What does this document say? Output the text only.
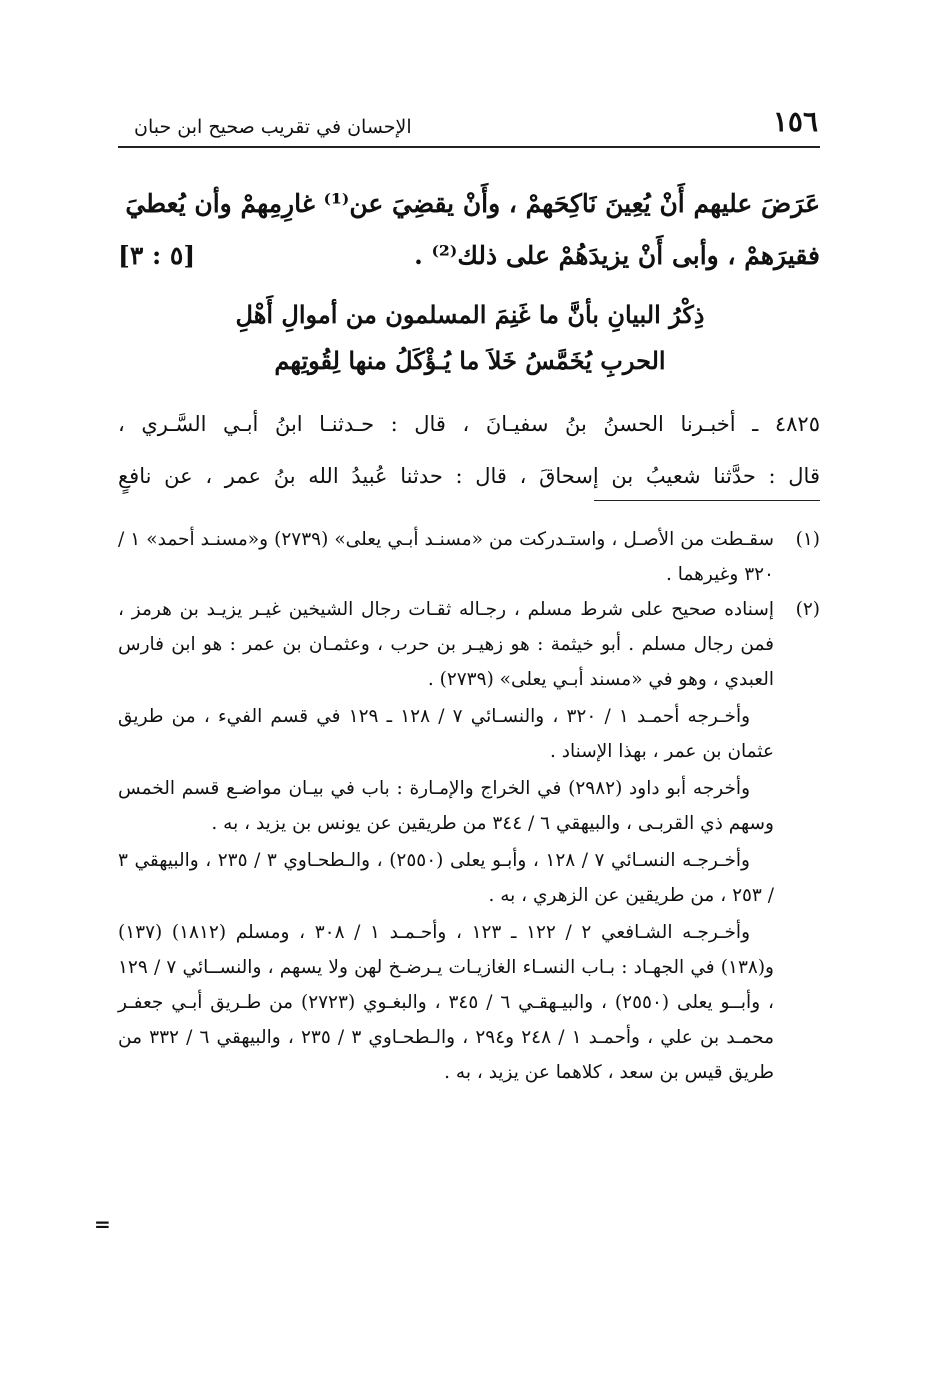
١٥٦
الإحسان في تقريب صحيح ابن حبان
عَرَضَ عليهم أَنْ يُعِينَ نَاكِحَهمْ ، وأَنْ يقضِيَ عن⁽¹⁾ غارِمِهمْ وأن يُعطيَ
فقيرَهمْ ، وأبى أَنْ يزيدَهُمْ على ذلك⁽²⁾ .
[٥ : ٣]
ذِكْرُ البيانِ بأنَّ ما غَنِمَ المسلمون من أموالِ أَهْلِ
الحربِ يُخَمَّسُ خَلاَ ما يُـؤْكَلُ منها لِقُوتِهم
٤٨٢٥ ـ أخبـرنا الحسنُ بنُ سفيـانَ ، قال : حـدثنـا ابنُ أبـي السَّـري ،
قال : حدَّثنا شعيبُ بن إسحاقَ ، قال : حدثنا عُبيدُ الله بنُ عمر ، عن نافعٍ
(١)
سقـطت من الأصـل ، واستـدركت من «مسنـد أبـي يعلى» (٢٧٣٩) و«مسنـد أحمد» ١ / ٣٢٠ وغيرهما .
(٢)
إسناده صحيح على شرط مسلم ، رجـاله ثقـات رجال الشيخين غيـر يزيـد بن هرمز ، فمن رجال مسلم . أبو خيثمة : هو زهيـر بن حرب ، وعثمـان بن عمر : هو ابن فارس العبدي ، وهو في «مسند أبـي يعلى» (٢٧٣٩) .
وأخـرجه أحمـد ١ / ٣٢٠ ، والنسـائي ٧ / ١٢٨ ـ ١٢٩ في قسم الفيء ، من طريق عثمان بن عمر ، بهذا الإسناد .
وأخرجه أبو داود (٢٩٨٢) في الخراج والإمـارة : باب في بيـان مواضـع قسم الخمس وسهم ذي القربـى ، والبيهقي ٦ / ٣٤٤ من طريقين عن يونس بن يزيد ، به .
وأخـرجـه النسـائي ٧ / ١٢٨ ، وأبـو يعلى (٢٥٥٠) ، والـطحـاوي ٣ / ٢٣٥ ، والبيهقي ٣ / ٢٥٣ ، من طريقين عن الزهري ، به .
وأخـرجـه الشـافعي ٢ / ١٢٢ ـ ١٢٣ ، وأحـمـد ١ / ٣٠٨ ، ومسلم (١٨١٢) (١٣٧) و(١٣٨) في الجهـاد : بـاب النسـاء الغازيـات يـرضـخ لهن ولا يسهم ، والنســائي ٧ / ١٢٩ ، وأبــو يعلى (٢٥٥٠) ، والبيـهقـي ٦ / ٣٤٥ ، والبغـوي (٢٧٢٣) من طـريق أبـي جعفـر محمـد بن علي ، وأحمـد ١ / ٢٤٨ و٢٩٤ ، والـطحـاوي ٣ / ٢٣٥ ، والبيهقي ٦ / ٣٣٢ من طريق قيس بن سعد ، كلاهما عن يزيد ، به .
=
